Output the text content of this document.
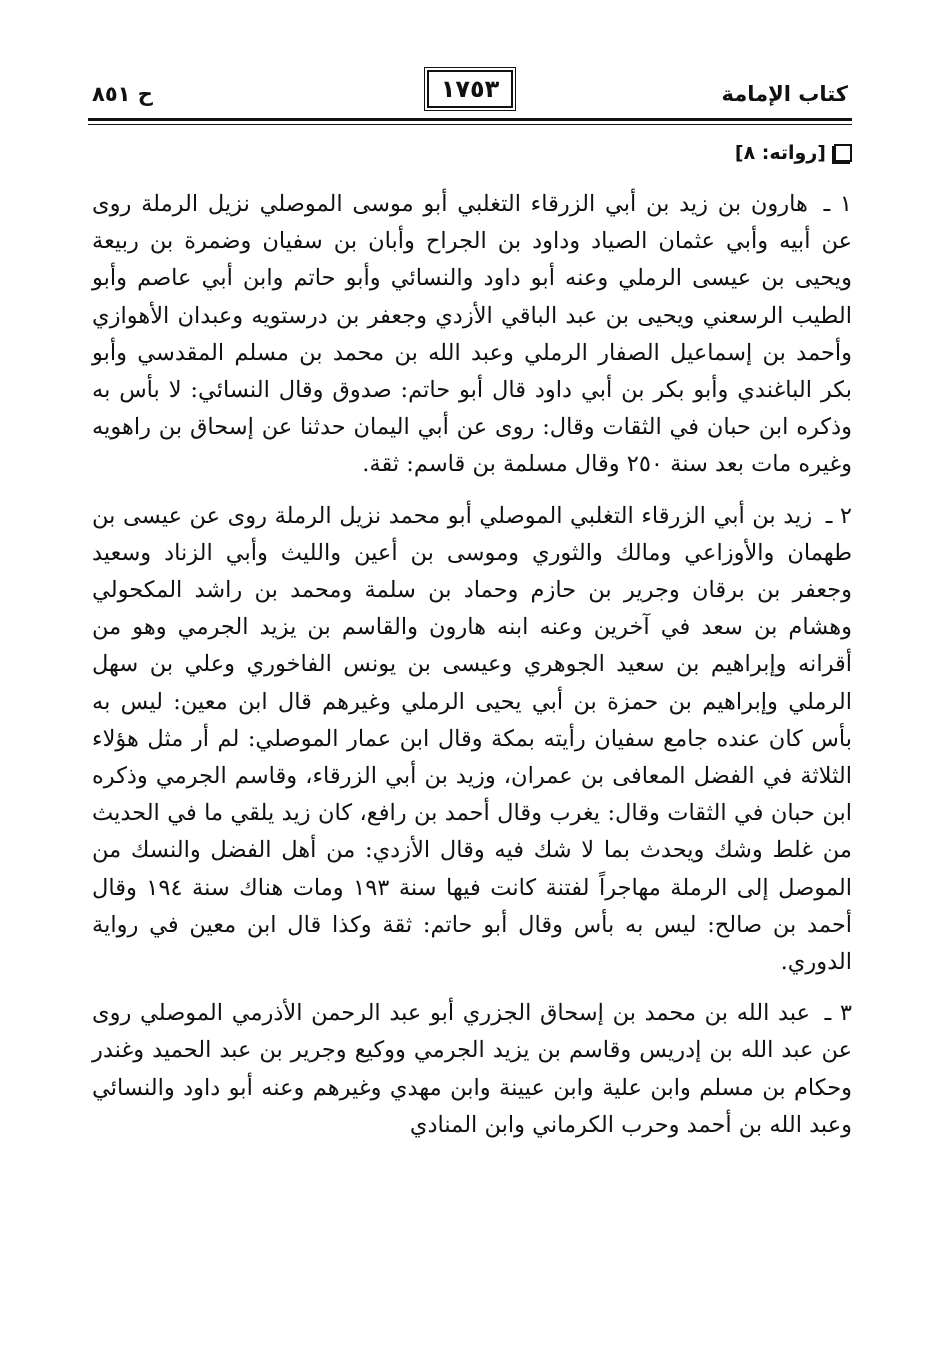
كتاب الإمامة
١٧٥٣
ح ٨٥١
[رواته: ٨]

١ ـ هارون بن زيد بن أبي الزرقاء التغلبي أبو موسى الموصلي نزيل الرملة روى عن أبيه وأبي عثمان الصياد وداود بن الجراح وأبان بن سفيان وضمرة بن ربيعة ويحيى بن عيسى الرملي وعنه أبو داود والنسائي وأبو حاتم وابن أبي عاصم وأبو الطيب الرسعني ويحيى بن عبد الباقي الأزدي وجعفر بن درستويه وعبدان الأهوازي وأحمد بن إسماعيل الصفار الرملي وعبد الله بن محمد بن مسلم المقدسي وأبو بكر الباغندي وأبو بكر بن أبي داود قال أبو حاتم: صدوق وقال النسائي: لا بأس به وذكره ابن حبان في الثقات وقال: روى عن أبي اليمان حدثنا عن إسحاق بن راهويه وغيره مات بعد سنة ٢٥٠ وقال مسلمة بن قاسم: ثقة.

٢ ـ زيد بن أبي الزرقاء التغلبي الموصلي أبو محمد نزيل الرملة روى عن عيسى بن طهمان والأوزاعي ومالك والثوري وموسى بن أعين والليث وأبي الزناد وسعيد وجعفر بن برقان وجرير بن حازم وحماد بن سلمة ومحمد بن راشد المكحولي وهشام بن سعد في آخرين وعنه ابنه هارون والقاسم بن يزيد الجرمي وهو من أقرانه وإبراهيم بن سعيد الجوهري وعيسى بن يونس الفاخوري وعلي بن سهل الرملي وإبراهيم بن حمزة بن أبي يحيى الرملي وغيرهم قال ابن معين: ليس به بأس كان عنده جامع سفيان رأيته بمكة وقال ابن عمار الموصلي: لم أر مثل هؤلاء الثلاثة في الفضل المعافى بن عمران، وزيد بن أبي الزرقاء، وقاسم الجرمي وذكره ابن حبان في الثقات وقال: يغرب وقال أحمد بن رافع، كان زيد يلقي ما في الحديث من غلط وشك ويحدث بما لا شك فيه وقال الأزدي: من أهل الفضل والنسك من الموصل إلى الرملة مهاجراً لفتنة كانت فيها سنة ١٩٣ ومات هناك سنة ١٩٤ وقال أحمد بن صالح: ليس به بأس وقال أبو حاتم: ثقة وكذا قال ابن معين في رواية الدوري.

٣ ـ عبد الله بن محمد بن إسحاق الجزري أبو عبد الرحمن الأذرمي الموصلي روى عن عبد الله بن إدريس وقاسم بن يزيد الجرمي ووكيع وجرير بن عبد الحميد وغندر وحكام بن مسلم وابن علية وابن عيينة وابن مهدي وغيرهم وعنه أبو داود والنسائي وعبد الله بن أحمد وحرب الكرماني وابن المنادي
